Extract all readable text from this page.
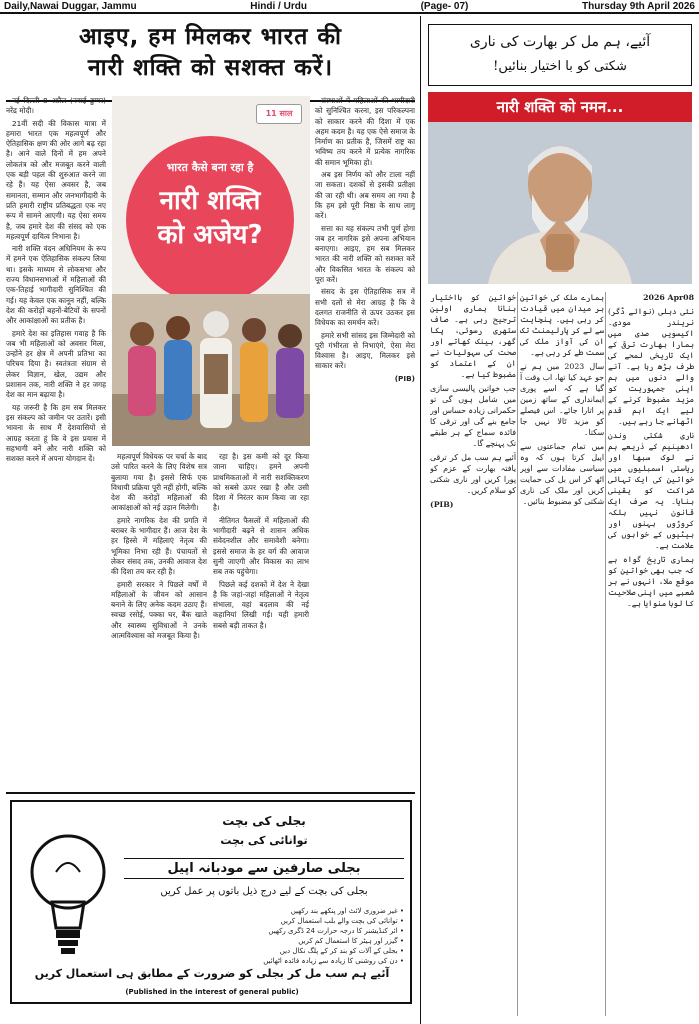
Daily,Nawai Duggar, Jammu	Hindi / Urdu	(Page- 07)	Thursday 9th April 2026
आइए, हम मिलकर भारत की
नारी शक्ति को सशक्त करें।

नई दिल्ली 8 अप्रैल (नवाई डुग्गर) नरेंद्र मोदी।

21वीं सदी की विकास यात्रा में हमारा भारत एक महत्वपूर्ण और ऐतिहासिक क्षण की ओर आगे बढ़ रहा है। आने वाले दिनों में हम अपने लोकतंत्र को और मजबूत करने वाली एक बड़ी पहल की शुरुआत करने जा रहे हैं। यह ऐसा अवसर है, जब समानता, सम्मान और जनभागीदारी के प्रति हमारी राष्ट्रीय प्रतिबद्धता एक नए रूप में सामने आएगी। यह ऐसा समय है, जब हमारे देश की संसद को एक महत्वपूर्ण दायित्व निभाना है।

नारी शक्ति वंदन अधिनियम के रूप में हमने एक ऐतिहासिक संकल्प लिया था। इसके माध्यम से लोकसभा और राज्य विधानसभाओं में महिलाओं की एक-तिहाई भागीदारी सुनिश्चित की गई। यह केवल एक कानून नहीं, बल्कि देश की करोड़ों बहनों-बेटियों के सपनों और आकांक्षाओं का प्रतीक है।

हमारे देश का इतिहास गवाह है कि जब भी महिलाओं को अवसर मिला, उन्होंने हर क्षेत्र में अपनी प्रतिभा का परिचय दिया है। स्वतंत्रता संग्राम से लेकर विज्ञान, खेल, उद्यम और प्रशासन तक, नारी शक्ति ने हर जगह देश का मान बढ़ाया है।

यह जरूरी है कि हम सब मिलकर इस संकल्प को जमीन पर उतारें। इसी भावना के साथ मैं देशवासियों से आग्रह करता हूं कि वे इस प्रयास में सहभागी बनें और नारी शक्ति को सशक्त करने में अपना योगदान दें।

11 साल
भारत कैसे बना रहा है
नारी शक्ति
को अजेय?

महत्वपूर्ण विधेयक पर चर्चा के बाद उसे पारित करने के लिए विशेष सत्र बुलाया गया है। इससे सिर्फ एक विधायी प्रक्रिया पूरी नहीं होगी, बल्कि देश की करोड़ों महिलाओं की आकांक्षाओं को नई उड़ान मिलेगी।

हमारे नागरिक देश की प्रगति में बराबर के भागीदार हैं। आज देश के हर हिस्से में महिलाएं नेतृत्व की भूमिका निभा रही हैं। पंचायतों से लेकर संसद तक, उनकी आवाज देश की दिशा तय कर रही है।

हमारी सरकार ने पिछले वर्षों में महिलाओं के जीवन को आसान बनाने के लिए अनेक कदम उठाए हैं। स्वच्छ रसोई, पक्का घर, बैंक खाते और स्वास्थ्य सुविधाओं ने उनके आत्मविश्वास को मजबूत किया है।

रहा है। इस कमी को दूर किया जाना चाहिए। हमने अपनी प्राथमिकताओं में नारी सशक्तिकरण को सबसे ऊपर रखा है और उसी दिशा में निरंतर काम किया जा रहा है।

नीतिगत फैसलों में महिलाओं की भागीदारी बढ़ने से शासन अधिक संवेदनशील और समावेशी बनेगा। इससे समाज के हर वर्ग की आवाज सुनी जाएगी और विकास का लाभ सब तक पहुंचेगा।

पिछले कई दशकों में देश ने देखा है कि जहां-जहां महिलाओं ने नेतृत्व संभाला, वहां बदलाव की नई कहानियां लिखी गईं। यही हमारी सबसे बड़ी ताकत है।

संस्थाओं में महिलाओं की भागीदारी को सुनिश्चित करना, इस परिकल्पना को साकार करने की दिशा में एक अहम कदम है। यह एक ऐसे समाज के निर्माण का प्रतीक है, जिसमें राष्ट्र का भविष्य तय करने में प्रत्येक नागरिक की समान भूमिका हो।

अब इस निर्णय को और टाला नहीं जा सकता। दशकों से इसकी प्रतीक्षा की जा रही थी। अब समय आ गया है कि हम इसे पूरी निष्ठा के साथ लागू करें।

सत्ता का यह संकल्प तभी पूर्ण होगा जब हर नागरिक इसे अपना अभियान बनाएगा। आइए, हम सब मिलकर भारत की नारी शक्ति को सशक्त करें और विकसित भारत के संकल्प को पूरा करें।

संसद के इस ऐतिहासिक सत्र में सभी दलों से मेरा आग्रह है कि वे दलगत राजनीति से ऊपर उठकर इस विधेयक का समर्थन करें।

हमारे सभी सांसद इस जिम्मेदारी को पूरी गंभीरता से निभाएंगे, ऐसा मेरा विश्वास है। आइए, मिलकर इसे साकार करें।

(PIB)
بجلی کی بچت
توانائی کی بچت
بجلی صارفین سے مودبانہ اپیل
بجلی کی بچت کے لیے درج ذیل باتوں پر عمل کریں
• غیر ضروری لائٹ اور پنکھے بند رکھیں
• توانائی کی بچت والے بلب استعمال کریں
• ائر کنڈیشنر کا درجہ حرارت 24 ڈگری رکھیں
• گیزر اور ہیٹر کا استعمال کم کریں
• بجلی کے آلات کو بند کر کے پلگ نکال دیں
• دن کی روشنی کا زیادہ سے زیادہ فائدہ اٹھائیں
آئیے ہم سب مل کر بجلی کو ضرورت کے مطابق ہی استعمال کریں
(Published in the interest of general public)
آئیے، ہم مل کر بھارت کی ناری
شکتی کو با اختیار بنائیں!
नारी शक्ति को नमन...

2026 Apr08

نئی دہلی (نوائے ڈگر) نریندر مودی۔ اکیسویں صدی میں ہمارا بھارت ترقی کے ایک تاریخی لمحے کی طرف بڑھ رہا ہے۔ آنے والے دنوں میں ہم اپنی جمہوریت کو مزید مضبوط کرنے کے لیے ایک اہم قدم اٹھانے جا رہے ہیں۔

ناری شکتی وندن ادھینیم کے ذریعے ہم نے لوک سبھا اور ریاستی اسمبلیوں میں خواتین کی ایک تہائی شراکت کو یقینی بنایا۔ یہ صرف ایک قانون نہیں بلکہ کروڑوں بہنوں اور بیٹیوں کے خوابوں کی علامت ہے۔

ہماری تاریخ گواہ ہے کہ جب بھی خواتین کو موقع ملا، انہوں نے ہر شعبے میں اپنی صلاحیت کا لوہا منوایا ہے۔

ہمارے ملک کی خواتین ہر میدان میں قیادت کر رہی ہیں۔ پنچایت سے لے کر پارلیمنٹ تک ان کی آواز ملک کی سمت طے کر رہی ہے۔

سال 2023 میں ہم نے جو عہد کیا تھا، اب وقت آ گیا ہے کہ اسے پوری ایمانداری کے ساتھ زمین پر اتارا جائے۔ اس فیصلے کو مزید ٹالا نہیں جا سکتا۔

میں تمام جماعتوں سے اپیل کرتا ہوں کہ وہ سیاسی مفادات سے اوپر اٹھ کر اس بل کی حمایت کریں اور ملک کی ناری شکتی کو مضبوط بنائیں۔

خواتین کو بااختیار بنانا ہماری اولین ترجیح رہی ہے۔ صاف ستھری رسوئی، پکا گھر، بینک کھاتے اور صحت کی سہولیات نے ان کے اعتماد کو مضبوط کیا ہے۔

جب خواتین پالیسی سازی میں شامل ہوں گی تو حکمرانی زیادہ حساس اور جامع بنے گی اور ترقی کا فائدہ سماج کے ہر طبقے تک پہنچے گا۔

آئیے ہم سب مل کر ترقی یافتہ بھارت کے عزم کو پورا کریں اور ناری شکتی کو سلام کریں۔

(PIB)
